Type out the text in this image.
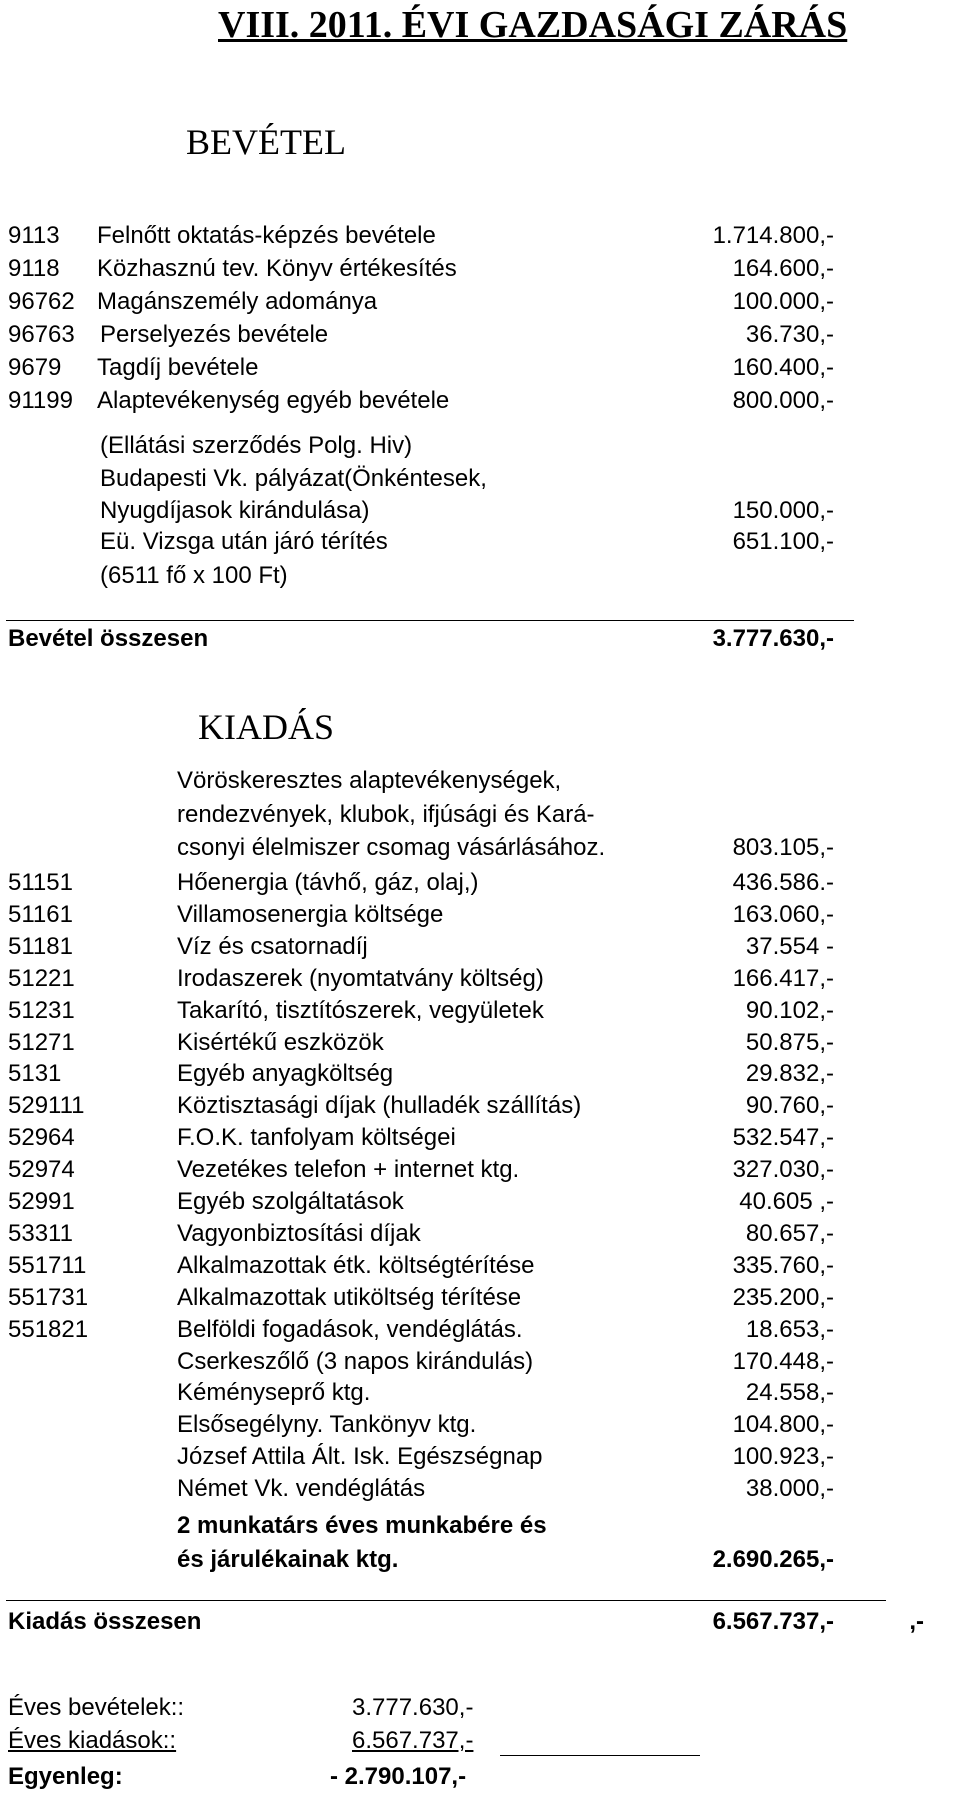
VIII. 2011. ÉVI GAZDASÁGI ZÁRÁS
BEVÉTEL
9113 Felnőtt oktatás-képzés bevétele	1.714.800,-
9118 Közhasznú tev. Könyv értékesítés	164.600,-
96762 Magánszemély adománya	100.000,-
96763 Perselyezés bevétele	36.730,-
9679 Tagdíj bevétele	160.400,-
91199 Alaptevékenység egyéb bevétele	800.000,-
(Ellátási szerződés Polg. Hiv)
Budapesti Vk. pályázat(Önkéntesek,
Nyugdíjasok kirándulása)	150.000,-
Eü. Vizsga után járó térítés	651.100,-
(6511 fő x 100 Ft)
Bevétel összesen	3.777.630,-
KIADÁS
Vöröskeresztes alaptevékenységek,
rendezvények, klubok, ifjúsági és Kará-
csonyi élelmiszer csomag vásárlásához.	803.105,-
51151	Hőenergia (távhő, gáz, olaj,)	436.586.-
51161	Villamosenergia költsége	163.060,-
51181	Víz és csatornadíj	37.554 -
51221	Irodaszerek (nyomtatvány költség)	166.417,-
51231	Takarító, tisztítószerek, vegyületek	90.102,-
51271	Kisértékű eszközök	50.875,-
5131	Egyéb anyagköltség	29.832,-
529111	Köztisztasági díjak (hulladék szállítás)	90.760,-
52964	F.O.K. tanfolyam költségei	532.547,-
52974	Vezetékes telefon + internet ktg.	327.030,-
52991	Egyéb szolgáltatások	40.605 ,-
53311	Vagyonbiztosítási díjak	80.657,-
551711	Alkalmazottak étk. költségtérítése	335.760,-
551731	Alkalmazottak utiköltség térítése	235.200,-
551821	Belföldi fogadások, vendéglátás.	18.653,-
Cserkeszőlő (3 napos kirándulás)	170.448,-
Kéményseprő ktg.	24.558,-
Elsősegélyny. Tankönyv ktg.	104.800,-
József Attila Ált. Isk. Egészségnap	100.923,-
Német Vk. vendéglátás	38.000,-
2 munkatárs éves munkabére és
és járulékainak ktg.	2.690.265,-
Kiadás összesen	6.567.737,-	,-
Éves bevételek::	3.777.630,-
Éves kiadások::	6.567.737,-
Egyenleg:	- 2.790.107,-
